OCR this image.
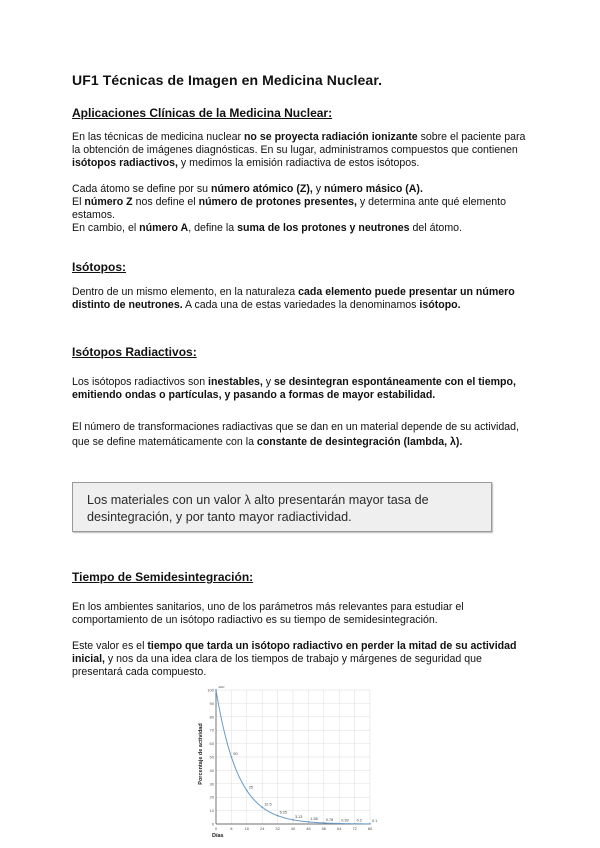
UF1 Técnicas de Imagen en Medicina Nuclear.
Aplicaciones Clínicas de la Medicina Nuclear:
En las técnicas de medicina nuclear no se proyecta radiación ionizante sobre el paciente para la obtención de imágenes diagnósticas. En su lugar, administramos compuestos que contienen isótopos radiactivos, y medimos la emisión radiactiva de estos isótopos.
Cada átomo se define por su número atómico (Z), y número másico (A).
El número Z nos define el número de protones presentes, y determina ante qué elemento estamos.
En cambio, el número A, define la suma de los protones y neutrones del átomo.
Isótopos:
Dentro de un mismo elemento, en la naturaleza cada elemento puede presentar un número distinto de neutrones. A cada una de estas variedades la denominamos isótopo.
Isótopos Radiactivos:
Los isótopos radiactivos son inestables, y se desintegran espontáneamente con el tiempo, emitiendo ondas o partículas, y pasando a formas de mayor estabilidad.
El número de transformaciones radiactivas que se dan en un material depende de su actividad, que se define matemáticamente con la constante de desintegración (lambda, λ).
Los materiales con un valor λ alto presentarán mayor tasa de desintegración, y por tanto mayor radiactividad.
Tiempo de Semidesintegración:
En los ambientes sanitarios, uno de los parámetros más relevantes para estudiar el comportamiento de un isótopo radiactivo es su tiempo de semidesintegración.
Este valor es el tiempo que tarda un isótopo radiactivo en perder la mitad de su actividad inicial, y nos da una idea clara de los tiempos de trabajo y márgenes de seguridad que presentará cada compuesto.
0
10
20
30
40
50
60
70
80
90
100
0	8	16	24	32	40	48	56	64	72	80
100
50
25
12.5
6.25
3.13
1.56 0.78 0.39 0.2	0.1
Porcentaje de actividad
Días
